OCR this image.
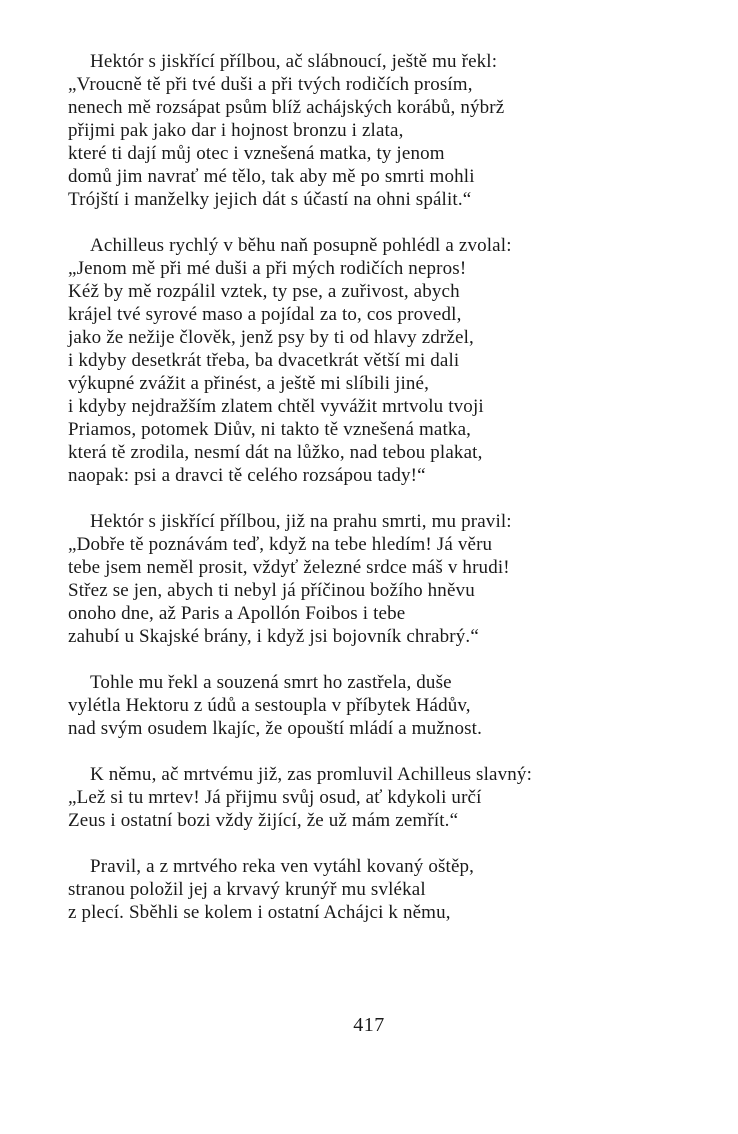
Hektór s jiskřící přílbou, ač slábnoucí, ještě mu řekl:
„Vroucně tě při tvé duši a při tvých rodičích prosím,
nenech mě rozsápat psům blíž achájských korábů, nýbrž
přijmi pak jako dar i hojnost bronzu i zlata,
které ti dají můj otec i vznešená matka, ty jenom
domů jim navrať mé tělo, tak aby mě po smrti mohli
Trójští i manželky jejich dát s účastí na ohni spálit.“
Achilleus rychlý v běhu naň posupně pohlédl a zvolal:
„Jenom mě při mé duši a při mých rodičích nepros!
Kéž by mě rozpálil vztek, ty pse, a zuřivost, abych
krájel tvé syrové maso a pojídal za to, cos provedl,
jako že nežije člověk, jenž psy by ti od hlavy zdržel,
i kdyby desetkrát třeba, ba dvacetkrát větší mi dali
výkupné zvážit a přinést, a ještě mi slíbili jiné,
i kdyby nejdražším zlatem chtěl vyvážit mrtvolu tvoji
Priamos, potomek Diův, ni takto tě vznešená matka,
která tě zrodila, nesmí dát na lůžko, nad tebou plakat,
naopak: psi a dravci tě celého rozsápou tady!“
Hektór s jiskřící přílbou, již na prahu smrti, mu pravil:
„Dobře tě poznávám teď, když na tebe hledím! Já věru
tebe jsem neměl prosit, vždyť železné srdce máš v hrudi!
Střez se jen, abych ti nebyl já příčinou božího hněvu
onoho dne, až Paris a Apollón Foibos i tebe
zahubí u Skajské brány, i když jsi bojovník chrabrý.“
Tohle mu řekl a souzená smrt ho zastřela, duše
vylétla Hektoru z údů a sestoupla v příbytek Hádův,
nad svým osudem lkajíc, že opouští mládí a mužnost.
K němu, ač mrtvému již, zas promluvil Achilleus slavný:
„Lež si tu mrtev! Já přijmu svůj osud, ať kdykoli určí
Zeus i ostatní bozi vždy žijící, že už mám zemřít.“
Pravil, a z mrtvého reka ven vytáhl kovaný oštěp,
stranou položil jej a krvavý krunýř mu svlékal
z plecí. Sběhli se kolem i ostatní Achájci k němu,
417
